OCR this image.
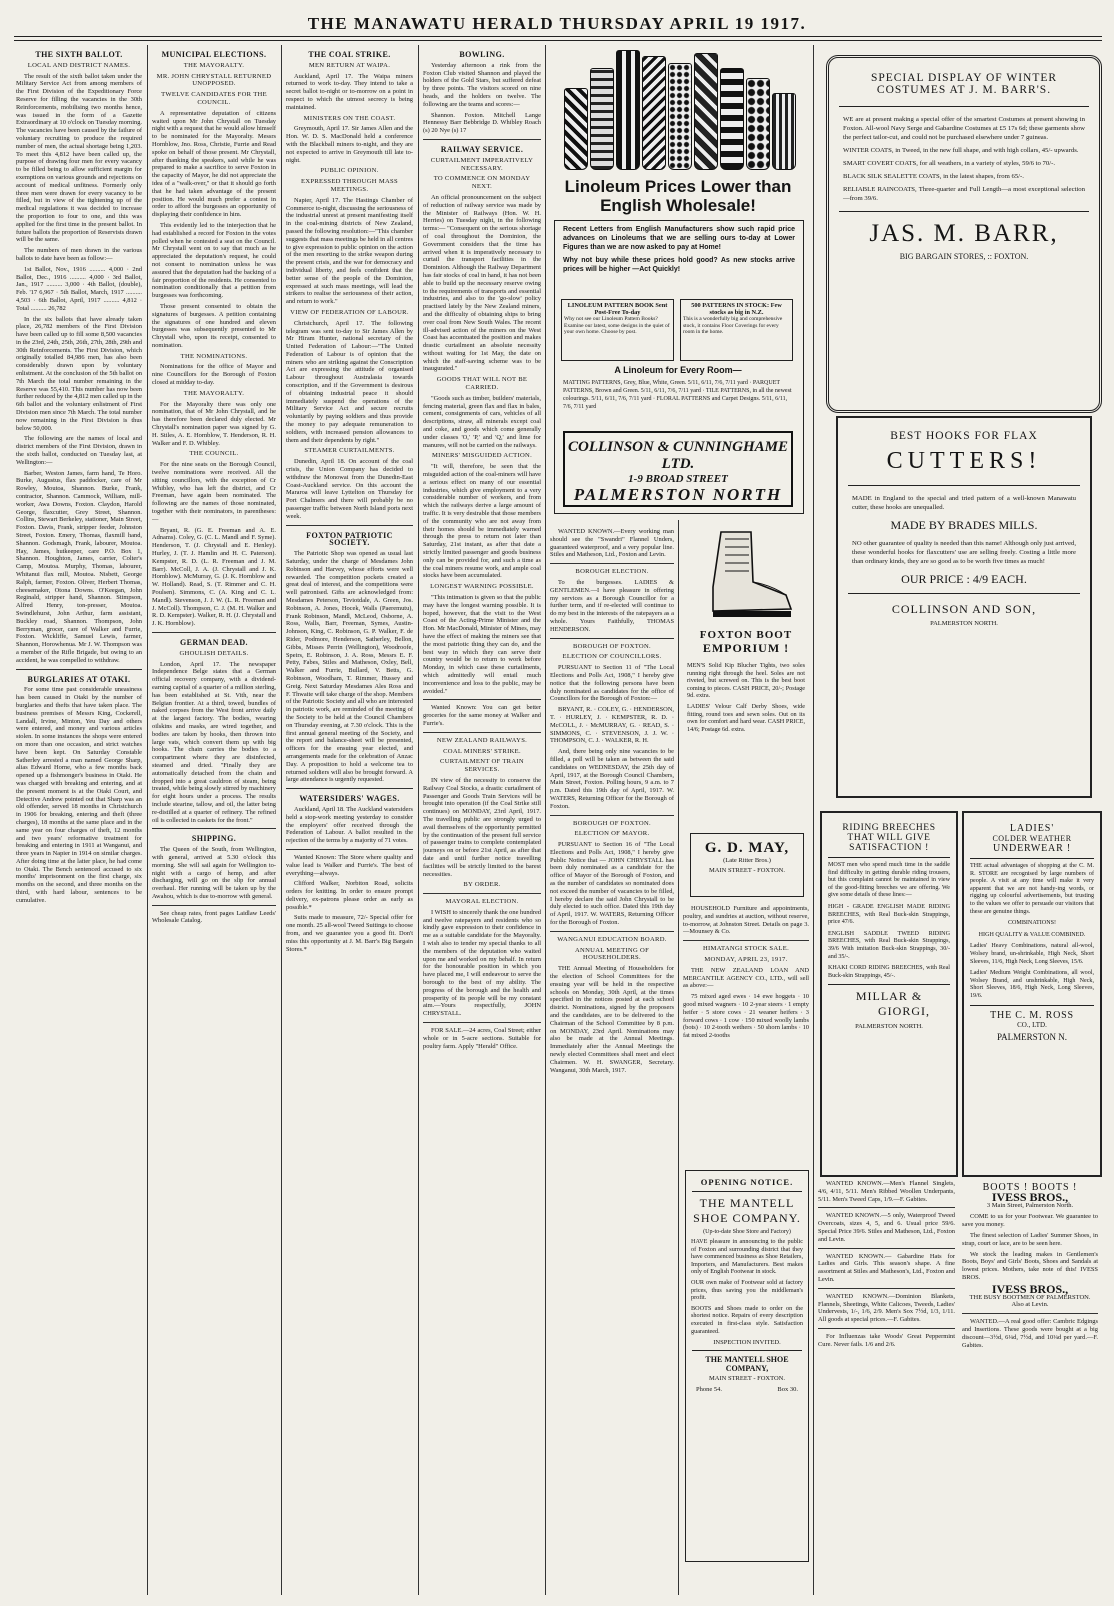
THE MANAWATU HERALD THURSDAY APRIL 19 1917.
THE SIXTH BALLOT.
LOCAL AND DISTRICT NAMES.

The result of the sixth ballot taken under the Military Service Act from among members of the First Division of the Expeditionary Force Reserve for filling the vacancies in the 30th Reinforcements, mobilising two months hence, was issued in the form of a Gazette Extraordinary at 10 o'clock on Tuesday morning. The vacancies have been caused by the failure of voluntary recruiting to produce the required number of men, the actual shortage being 1,203. To meet this 4,812 have been called up, the purpose of drawing four men for every vacancy to be filled being to allow sufficient margin for exemptions on various grounds and rejections on account of medical unfitness. Formerly only three men were drawn for every vacancy to be filled, but in view of the tightening up of the medical regulations it was decided to increase the proportion to four to one, and this was applied for the first time in the present ballot. In future ballots the proportion of Reservists drawn will be the same.

The numbers of men drawn in the various ballots to date have been as follow:—

1st Ballot, Nov., 1916 .......... 4,000 · 2nd Ballot, Dec., 1916 .......... 4,000 · 3rd Ballot, Jan., 1917 .......... 3,000 · 4th Ballot, (double), Feb. '17 6,967 · 5th Ballot, March, 1917 .......... 4,503 · 6th Ballot, April, 1917 .......... 4,812 · Total .......... 26,782

In the six ballots that have already taken place, 26,782 members of the First Division have been called up to fill some 8,500 vacancies in the 23rd, 24th, 25th, 26th, 27th, 28th, 29th and 30th Reinforcements. The First Division, which originally totalled 84,986 men, has also been considerably drawn upon by voluntary enlistment. At the conclusion of the 5th ballot on 7th March the total number remaining in the Reserve was 55,410. This number has now been further reduced by the 4,812 men called up in the 6th ballot and the voluntary enlistment of First Division men since 7th March. The total number now remaining in the First Division is thus below 50,000.

The following are the names of local and district members of the First Division, drawn in the sixth ballot, conducted on Tuesday last, at Wellington:—

Barber, Weston James, farm hand, Te Horo. Burke, Augustus, flax paddocker, care of Mr Rowley, Moutoa, Shannon. Burke, Frank, contractor, Shannon. Cammock, William, mill-worker, Awa Downs, Foxton. Claydon, Harold George, flaxcutter, Grey Street, Shannon. Collins, Stewart Berkeley, stationer, Main Street, Foxton. Davis, Frank, stripper feeder, Johnston Street, Foxton. Emery, Thomas, flaxmill hand, Shannon. Godsmagh, Frank, labourer, Moutoa. Hay, James, hutkeeper, care P.O. Box 1, Shannon. Houghton, James, carrier, Colter's Camp, Moutoa. Murphy, Thomas, labourer, Whitanui flax mill, Moutoa. Nisbett, George Ralph, farmer, Foxton. Oliver, Herbert Thomas, cheesemaker, Otona Downs. O'Keegan, John Reginald, stripper hand, Shannon. Stimpson, Alfred Henry, ton-presser, Moutoa. Swindlehurst, John Arthur, farm assistant, Buckley road, Shannon. Thompson, John Berryman, grocer, care of Walker and Furrie, Foxton. Wickliffe, Samuel Lewis, farmer, Shannon, Horowhenua. Mr J. W. Thompson was a member of the Rifle Brigade, but owing to an accident, he was compelled to withdraw.

BURGLARIES AT OTAKI.

For some time past considerable uneasiness has been caused in Otaki by the number of burglaries and thefts that have taken place. The business premises of Messrs King, Cockerell, Landall, Irvine, Minton, Yeu Day and others were entered, and money and various articles stolen. In some instances the shops were entered on more than one occasion, and strict watches have been kept. On Saturday Constable Satherley arrested a man named George Sharp, alias Edward Horne, who a few months back opened up a fishmonger's business in Otaki. He was charged with breaking and entering, and at the present moment is at the Otaki Court, and Detective Andrew pointed out that Sharp was an old offender, served 18 months in Christchurch in 1906 for breaking, entering and theft (three charges), 18 months at the same place and in the same year on four charges of theft, 12 months and two years' reformative treatment for breaking and entering in 1911 at Wanganui, and three years in Napier in 1914 on similar charges. After doing time at the latter place, he had come to Otaki. The Bench sentenced accused to six months' imprisonment on the first charge, six months on the second, and three months on the third, with hard labour, sentences to be cumulative.

MUNICIPAL ELECTIONS.
THE MAYORALTY.
MR. JOHN CHRYSTALL RETURNED UNOPPOSED.
TWELVE CANDIDATES FOR THE COUNCIL.

A representative deputation of citizens waited upon Mr John Chrystall on Tuesday night with a request that he would allow himself to be nominated for the Mayoralty. Messrs Hornblow, Jno. Ross, Christie, Furrie and Read spoke on behalf of those present. Mr Chrystall, after thanking the speakers, said while he was prepared to make a sacrifice to serve Foxton in the capacity of Mayor, he did not appreciate the idea of a "walk-over," or that it should go forth that he had taken advantage of the present position. He would much prefer a contest in order to afford the burgesses an opportunity of displaying their confidence in him.

This evidently led to the interjection that he had established a record for Foxton in the votes polled when he contested a seat on the Council. Mr Chrystall went on to say that much as he appreciated the deputation's request, he could not consent to nomination unless he was assured that the deputation had the backing of a fair proportion of the residents. He consented to nomination conditionally that a petition from burgesses was forthcoming.

Those present consented to obtain the signatures of burgesses. A petition containing the signatures of one hundred and eleven burgesses was subsequently presented to Mr Chrystall who, upon its receipt, consented to nomination.

THE NOMINATIONS.

Nominations for the office of Mayor and nine Councillors for the Borough of Foxton closed at midday to-day.

THE MAYORALTY.

For the Mayoralty there was only one nomination, that of Mr John Chrystall, and he has therefore been declared duly elected. Mr Chrystall's nomination paper was signed by G. H. Stiles, A. E. Hornblow, T. Henderson, R. H. Walker and F. D. Whibley.

THE COUNCIL.

For the nine seats on the Borough Council, twelve nominations were received. All the sitting councillors, with the exception of Cr Whibley, who has left the district, and Cr Freeman, have again been nominated. The following are the names of those nominated, together with their nominators, in parentheses:—

Bryant, R. (G. E. Freeman and A. E. Adnams). Coley, G. (C. L. Mandl and F. Syme). Henderson, T. (J. Chrystall and E. Henley). Hurley, J. (T. J. Hamlin and H. C. Paterson). Kempster, R. D. (L. R. Freeman and J. M. Barr). McColl, J. A. (J. Chrystall and J. K. Hornblow). McMurray, G. (J. K. Hornblow and W. Holland). Read, S. (T. Rimmer and C. H. Poulsen). Simmons, C. (A. King and C. L. Mandl). Stevenson, J. J. W. (L. R. Freeman and J. McColl). Thompson, C. J. (M. H. Walker and R. D. Kempster). Walker, R. H. (J. Chrystall and J. K. Hornblow).

GERMAN DEAD.
GHOULISH DETAILS.

London, April 17. The newspaper Independence Belge states that a German official recovery company, with a dividend-earning capital of a quarter of a million sterling, has been established at St. Vith, near the Belgian frontier. At a third, towed, bundles of naked corpses from the West front arrive daily at the largest factory. The bodies, wearing oilskins and masks, are wired together, and bodies are taken by hooks, then thrown into large vats, which convert them up with big hooks. The chain carries the bodies to a compartment where they are disinfected, steamed and dried. "Finally they are automatically detached from the chain and dropped into a great cauldron of steam, being treated, while being slowly stirred by machinery for eight hours under a process. The results include stearine, tallow, and oil, the latter being re-distilled at a quarter of refinery. The refined oil is collected in caskets for the front."

SHIPPING.

The Queen of the South, from Wellington, with general, arrived at 5.30 o'clock this morning. She will sail again for Wellington to-night with a cargo of hemp, and after discharging, will go on the slip for annual overhaul. Her running will be taken up by the Awahou, which is due to-morrow with general.

See cheap rates, front pages Laidlaw Leeds' Wholesale Catalog.

THE COAL STRIKE.
MEN RETURN AT WAIPA.

Auckland, April 17. The Waipa miners returned to work to-day. They intend to take a secret ballot to-night or to-morrow on a point in respect to which the utmost secrecy is being maintained.

MINISTERS ON THE COAST.

Greymouth, April 17. Sir James Allen and the Hon. W. D. S. MacDonald held a conference with the Blackball miners to-night, and they are not expected to arrive in Greymouth till late to-night.

PUBLIC OPINION.
EXPRESSED THROUGH MASS MEETINGS.

Napier, April 17. The Hastings Chamber of Commerce to-night, discussing the seriousness of the industrial unrest at present manifesting itself in the coal-mining districts of New Zealand, passed the following resolution:—"This chamber suggests that mass meetings be held in all centres to give expression to public opinion on the action of the men resorting to the strike weapon during the present crisis, and the war for democracy and individual liberty, and feels confident that the better sense of the people of the Dominion, expressed at such mass meetings, will lead the strikers to realise the seriousness of their action, and return to work."

VIEW OF FEDERATION OF LABOUR.

Christchurch, April 17. The following telegram was sent to-day to Sir James Allen by Mr Hiram Hunter, national secretary of the United Federation of Labour:—"The United Federation of Labour is of opinion that the miners who are striking against the Conscription Act are expressing the attitude of organised Labour throughout Australasia towards conscription, and if the Government is desirous of obtaining industrial peace it should immediately suspend the operations of the Military Service Act and secure recruits voluntarily by paying soldiers and thus provide the money to pay adequate remuneration to soldiers, with increased pension allowances to them and their dependents by right."

STEAMER CURTAILMENTS.

Dunedin, April 18. On account of the coal crisis, the Union Company has decided to withdraw the Monowai from the Dunedin-East Coast-Auckland service. On this account the Mararoa will leave Lyttelton on Thursday for Port Chalmers and there will probably be no passenger traffic between North Island ports next week.

FOXTON PATRIOTIC SOCIETY.

The Patriotic Shop was opened as usual last Saturday, under the charge of Mesdames John Robinson and Harvey, whose efforts were well rewarded. The competition pockets created a great deal of interest, and the competitions were well patronised. Gifts are acknowledged from: Mesdames Peterson, Teviotdale, A. Green, Jos. Robinson, A. Jones, Hocek, Walls (Paeremutu), Frank Robinson, Mandl, McLeod, Osborne, A. Ross, Walls, Barr, Freeman, Symes, Austin-Johnson, King, C. Robinson, G. P. Walker, F. de Rider, Podmore, Henderson, Satherley, Bellon, Gibbs, Misses Perrin (Wellington), Woodroofe, Speirs, E. Robinson, J. A. Ross, Messrs E. F. Petty, Fabes, Stiles and Matheson, Oxley, Bell, Walker and Furrie, Bullard, V. Betts, G. Robinson, Woodham, T. Rimmer, Hussey and Greig. Next Saturday Mesdames Ales Ross and F. Thwaite will take charge of the shop. Members of the Patriotic Society and all who are interested in patriotic work, are reminded of the meeting of the Society to be held at the Council Chambers on Thursday evening, at 7.30 o'clock. This is the first annual general meeting of the Society, and the report and balance-sheet will be presented, officers for the ensuing year elected, and arrangements made for the celebration of Anzac Day. A proposition to hold a welcome tea to returned soldiers will also be brought forward. A large attendance is urgently requested.

WATERSIDERS' WAGES.

Auckland, April 18. The Auckland watersiders held a stop-work meeting yesterday to consider the employers' offer received through the Federation of Labour. A ballot resulted in the rejection of the terms by a majority of 71 votes.

Wanted Known: The Store where quality and value lead is Walker and Furrie's. The best of everything—always.

Clifford Walker, Norbiton Road, solicits orders for knitting. In order to ensure prompt delivery, ex-patrons please order as early as possible.*

Suits made to measure, 72/- Special offer for one month. 25 all-wool Tweed Suitings to choose from, and we guarantee you a good fit. Don't miss this opportunity at J. M. Barr's Big Bargain Stores.*

BOWLING.

Yesterday afternoon a rink from the Foxton Club visited Shannon and played the holders of the Gold Stars, but suffered defeat by three points. The visitors scored on nine heads, and the holders on twelve. The following are the teams and scores:—

Shannon. Foxton. Mitchell Lange Hennessy Barr Bebbridge D. Whibley Roach (s) 20 Nye (s) 17

RAILWAY SERVICE.
CURTAILMENT IMPERATIVELY NECESSARY.
TO COMMENCE ON MONDAY NEXT.

An official pronouncement on the subject of reduction of railway service was made by the Minister of Railways (Hon. W. H. Herries) on Tuesday night, in the following terms:— "Consequent on the serious shortage of coal throughout the Dominion, the Government considers that the time has arrived when it is imperatively necessary to curtail the transport facilities in the Dominion. Although the Railway Department has fair stocks of coal in hand, it has not been able to build up the necessary reserve owing to the requirements of transports and essential industries, and also to the 'go-slow' policy practised lately by the New Zealand miners, and the difficulty of obtaining ships to bring over coal from New South Wales. The recent ill-advised action of the miners on the West Coast has accentuated the position and makes drastic curtailment an absolute necessity without waiting for 1st May, the date on which the staff-saving scheme was to be inaugurated."

GOODS THAT WILL NOT BE CARRIED.

"Goods such as timber, builders' materials, fencing material, green flax and flax in bales, cement, consignments of cars, vehicles of all descriptions, straw, all minerals except coal and coke, and goods which come generally under classes 'O,' 'P,' and 'Q,' and lime for manures, will not be carried on the railways.

MINERS' MISGUIDED ACTION.

"It will, therefore, be seen that the misguided action of the coal-miners will have a serious effect on many of our essential industries, which give employment to a very considerable number of workers, and from which the railways derive a large amount of traffic. It is very desirable that those members of the community who are not away from their homes should be immediately warned through the press to return not later than Saturday, 21st instant, as after that date a strictly limited passenger and goods business only can be provided for, and such a time as the coal miners resume work, and ample coal stocks have been accumulated.

LONGEST WARNING POSSIBLE.

"This intimation is given so that the public may have the longest warning possible. It is hoped, however, that the visit to the West Coast of the Acting-Prime Minister and the Hon. Mr MacDonald, Minister of Mines, may have the effect of making the miners see that the most patriotic thing they can do, and the best way in which they can serve their country would be to return to work before Monday, in which case these curtailments, which admittedly will entail much inconvenience and loss to the public, may be avoided."

Wanted Known: You can get better groceries for the same money at Walker and Furrie's.

NEW ZEALAND RAILWAYS.
COAL MINERS' STRIKE.
CURTAILMENT OF TRAIN SERVICES.

IN view of the necessity to conserve the Railway Coal Stocks, a drastic curtailment of Passenger and Goods Train Services will be brought into operation (if the Coal Strike still continues) on MONDAY, 23rd April, 1917. The travelling public are strongly urged to avail themselves of the opportunity permitted by the continuation of the present full service of passenger trains to complete contemplated journeys on or before 21st April, as after that date and until further notice travelling facilities will be strictly limited to the barest necessities.

BY ORDER.
MAYORAL ELECTION.

I WISH to sincerely thank the one hundred and twelve ratepayers and residents who so kindly gave expression to their confidence in me as a suitable candidate for the Mayoralty. I wish also to tender my special thanks to all the members of the deputation who waited upon me and worked on my behalf. In return for the honourable position in which you have placed me, I will endeavour to serve the borough to the best of my ability. The progress of the borough and the health and prosperity of its people will be my constant aim.—Yours respectfully, JOHN CHRYSTALL.

FOR SALE.—24 acres, Coal Street; either whole or in 5-acre sections. Suitable for poultry farm. Apply "Herald" Office.

Linoleum Prices Lower than English Wholesale!
Recent Letters from English Manufacturers show such rapid price advances on Linoleums that we are selling ours to-day at Lower Figures than we are now asked to pay at Home!
Why not buy while these prices hold good? As new stocks arrive prices will be higher —Act Quickly!
LINOLEUM PATTERN BOOK Sent Post-Free To-day
Why not see our Linoleum Pattern Books? Examine our latest, some designs in the quiet of your own home. Choose by post.
500 PATTERNS IN STOCK: Few stocks as big in N.Z.
This is a wonderfully big and comprehensive stock, it contains Floor Coverings for every room in the home.
A Linoleum for Every Room—
MATTING PATTERNS, Grey, Blue, White, Green. 5/11, 6/11, 7/6, 7/11 yard · PARQUET PATTERNS, Brown and Green. 5/11, 6/11, 7/6, 7/11 yard · TILE PATTERNS, in all the newest colourings. 5/11, 6/11, 7/6, 7/11 yard · FLORAL PATTERNS and Carpet Designs. 5/11, 6/11, 7/6, 7/11 yard
COLLINSON & CUNNINGHAME LTD.
1-9 BROAD STREET
PALMERSTON NORTH

WANTED KNOWN.—Every working man should see the "Swandri" Flannel Unders, guaranteed waterproof, and a very popular line. Stiles and Matheson, Ltd., Foxton and Levin.

BOROUGH ELECTION.

To the burgesses. LADIES & GENTLEMEN.—I have pleasure in offering my services as a Borough Councillor for a further term, and if re-elected will continue to do my best in the interests of the ratepayers as a whole. Yours Faithfully, THOMAS HENDERSON.

BOROUGH OF FOXTON.
ELECTION OF COUNCILLORS.

PURSUANT to Section 11 of "The Local Elections and Polls Act, 1908," I hereby give notice that the following persons have been duly nominated as candidates for the office of Councillors for the Borough of Foxton:—

BRYANT, R. · COLEY, G. · HENDERSON, T. · HURLEY, J. · KEMPSTER, R. D. · McCOLL, J. · McMURRAY, G. · READ, S. · SIMMONS, C. · STEVENSON, J. J. W. · THOMPSON, C. J. · WALKER, R. H.

And, there being only nine vacancies to be filled, a poll will be taken as between the said candidates on WEDNESDAY, the 25th day of April, 1917, at the Borough Council Chambers, Main Street, Foxton. Polling hours, 9 a.m. to 7 p.m. Dated this 19th day of April, 1917. W. WATERS, Returning Officer for the Borough of Foxton.

BOROUGH OF FOXTON.
ELECTION OF MAYOR.

PURSUANT to Section 16 of "The Local Elections and Polls Act, 1908," I hereby give Public Notice that — JOHN CHRYSTALL has been duly nominated as a candidate for the office of Mayor of the Borough of Foxton, and as the number of candidates so nominated does not exceed the number of vacancies to be filled, I hereby declare the said John Chrystall to be duly elected to such office. Dated this 19th day of April, 1917. W. WATERS, Returning Officer for the Borough of Foxton.

WANGANUI EDUCATION BOARD.
ANNUAL MEETING OF HOUSEHOLDERS.

THE Annual Meeting of Householders for the election of School Committees for the ensuing year will be held in the respective schools on Monday, 30th April, at the times specified in the notices posted at each school district. Nominations, signed by the proposers and the candidates, are to be delivered to the Chairman of the School Committee by 8 p.m. on MONDAY, 23rd April. Nominations may also be made at the Annual Meetings. Immediately after the Annual Meetings the newly elected Committees shall meet and elect Chairmen. W. H. SWANGER, Secretary. Wanganui, 30th March, 1917.

FOXTON BOOT
EMPORIUM !
MEN'S Solid Kip Blucher Tights, two soles running right through the heel. Soles are not riveted, but screwed on. This is the best boot coming to pieces. CASH PRICE, 20/-; Postage 9d. extra.
LADIES' Velour Calf Derby Shoes, wide fitting, round toes and sewn soles. Out on its own for comfort and hard wear. CASH PRICE, 14/6; Postage 6d. extra.
G. D. MAY,
(Late Ritter Bros.)
MAIN STREET - FOXTON.

HOUSEHOLD Furniture and appointments, poultry, and sundries at auction, without reserve, to-morrow, at Johnston Street. Details on page 3.—Mounsey & Co.

HIMATANGI STOCK SALE.
MONDAY, APRIL 23, 1917.

THE NEW ZEALAND LOAN AND MERCANTILE AGENCY CO., LTD., will sell as above:—

75 mixed aged ewes · 14 ewe hoggets · 10 good mixed wagners · 10 2-year steers · 1 empty heifer · 5 store cows · 21 weaner heifers · 3 forward cows · 1 cow · 150 mixed woolly lambs (bots) · 10 2-tooth wethers · 50 shorn lambs · 10 fat mixed 2-tooths

OPENING NOTICE.
THE MANTELL
SHOE COMPANY.
(Up-to-date Shoe Store and Factory)
HAVE pleasure in announcing to the public of Foxton and surrounding district that they have commenced business as Shoe Retailers, Importers, and Manufacturers. Best makes only of English Footwear in stock.
OUR own make of Footwear sold at factory prices, thus saving you the middleman's profit.
BOOTS and Shoes made to order on the shortest notice. Repairs of every description executed in first-class style. Satisfaction guaranteed.
INSPECTION INVITED.
THE MANTELL SHOE COMPANY,
MAIN STREET - FOXTON.
Phone 54.	Box 30.
SPECIAL DISPLAY OF WINTER
COSTUMES AT J. M. BARR'S.

WE are at present making a special offer of the smartest Costumes at present showing in Foxton. All-wool Navy Serge and Gabardine Costumes at £5 17s 6d; these garments show the perfect tailor-cut, and could not be purchased elsewhere under 7 guineas.

WINTER COATS, in Tweed, in the new full shape, and with high collars, 45/- upwards.

SMART COVERT COATS, for all weathers, in a variety of styles, 59/6 to 70/-.

BLACK SILK SEALETTE COATS, in the latest shapes, from 65/-.

RELIABLE RAINCOATS, Three-quarter and Full Length—a most exceptional selection—from 39/6.

JAS. M. BARR,
BIG BARGAIN STORES, :: FOXTON.
BEST HOOKS FOR FLAX
CUTTERS!
MADE in England to the special and tried pattern of a well-known Manawatu cutter, these hooks are unequalled.
MADE BY BRADES MILLS.
NO other guarantee of quality is needed than this name! Although only just arrived, these wonderful hooks for flaxcutters' use are selling freely. Costing a little more than ordinary kinds, they are so good as to be worth five times as much!
OUR PRICE : 4/9 EACH.
COLLINSON AND SON,
PALMERSTON NORTH.
RIDING BREECHES
THAT WILL GIVE
SATISFACTION !

MOST men who spend much time in the saddle find difficulty in getting durable riding trousers, but this complaint cannot be maintained in view of the good-fitting breeches we are offering. We give some details of these lines:—

HIGH - GRADE ENGLISH MADE RIDING BREECHES, with Real Buck-skin Strappings, price 47/6.

ENGLISH SADDLE TWEED RIDING BREECHES, with Real Buck-skin Strappings, 39/6 With imitation Buck-skin Strappings, 30/- and 35/-.

KHAKI CORD RIDING BREECHES, with Real Buck-skin Strappings, 45/-.

MILLAR &
GIORGI,
PALMERSTON NORTH.
LADIES'
COLDER WEATHER
UNDERWEAR !

THE actual advantages of shopping at the C. M. R. STORE are recognised by large numbers of people. A visit at any time will make it very apparent that we are not handy-ing words, or rigging up colourful advertisements, but trusting to the values we offer to persuade our visitors that these are genuine things.

COMBINATIONS!

HIGH QUALITY & VALUE COMBINED.

Ladies' Heavy Combinations, natural all-wool, Wolsey brand, un-shrinkable, High Neck, Short Sleeves, 11/6, High Neck, Long Sleeves, 15/6.

Ladies' Medium Weight Combinations, all wool, Wolsey Brand, and unshrinkable, High Neck, Short Sleeves, 18/6, High Neck, Long Sleeves, 19/6.

THE C. M. ROSS
CO., LTD.
PALMERSTON N.

WANTED KNOWN.—Men's Flannel Singlets, 4/6, 4/11, 5/11. Men's Ribbed Woollen Underpants, 5/11. Men's Tweed Caps, 1/9.—F. Gabites.

WANTED KNOWN.—5 only, Waterproof Tweed Overcoats, sizes 4, 5, and 6. Usual price 59/6. Special Price 39/6. Stiles and Matheson, Ltd., Foxton and Levin.

WANTED KNOWN.— Gabardine Hats for Ladies and Girls. This season's shape. A fine assortment at Stiles and Matheson's, Ltd., Foxton and Levin.

WANTED KNOWN.—Dominion Blankets, Flannels, Sheetings, White Calicoes, Tweeds, Ladies' Undervests, 1/-, 1/6, 2/9. Men's Sox 7½d, 1/3, 1/11. All goods at special prices.—F. Gabites.

For Influenzas take Woods' Great Peppermint Cure. Never fails. 1/6 and 2/6.

BOOTS ! BOOTS !
IVESS BROS.,
3 Main Street, Palmerston North.

COME to us for your Footwear. We guarantee to save you money.

The finest selection of Ladies' Summer Shoes, in strap, court or lace, are to be seen here.

We stock the leading makes in Gentlemen's Boots, Boys' and Girls' Boots, Shoes and Sandals at lowest prices. Mothers, take note of this! IVESS BROS.

IVESS BROS.,
THE BUSY BOOTMEN OF PALMERSTON.
Also at Levin.

WANTED.—A real good offer: Cambric Edgings and Insertions. These goods were bought at a big discount—3½d, 6¼d, 7½d, and 10¼d per yard.—F. Gabites.
